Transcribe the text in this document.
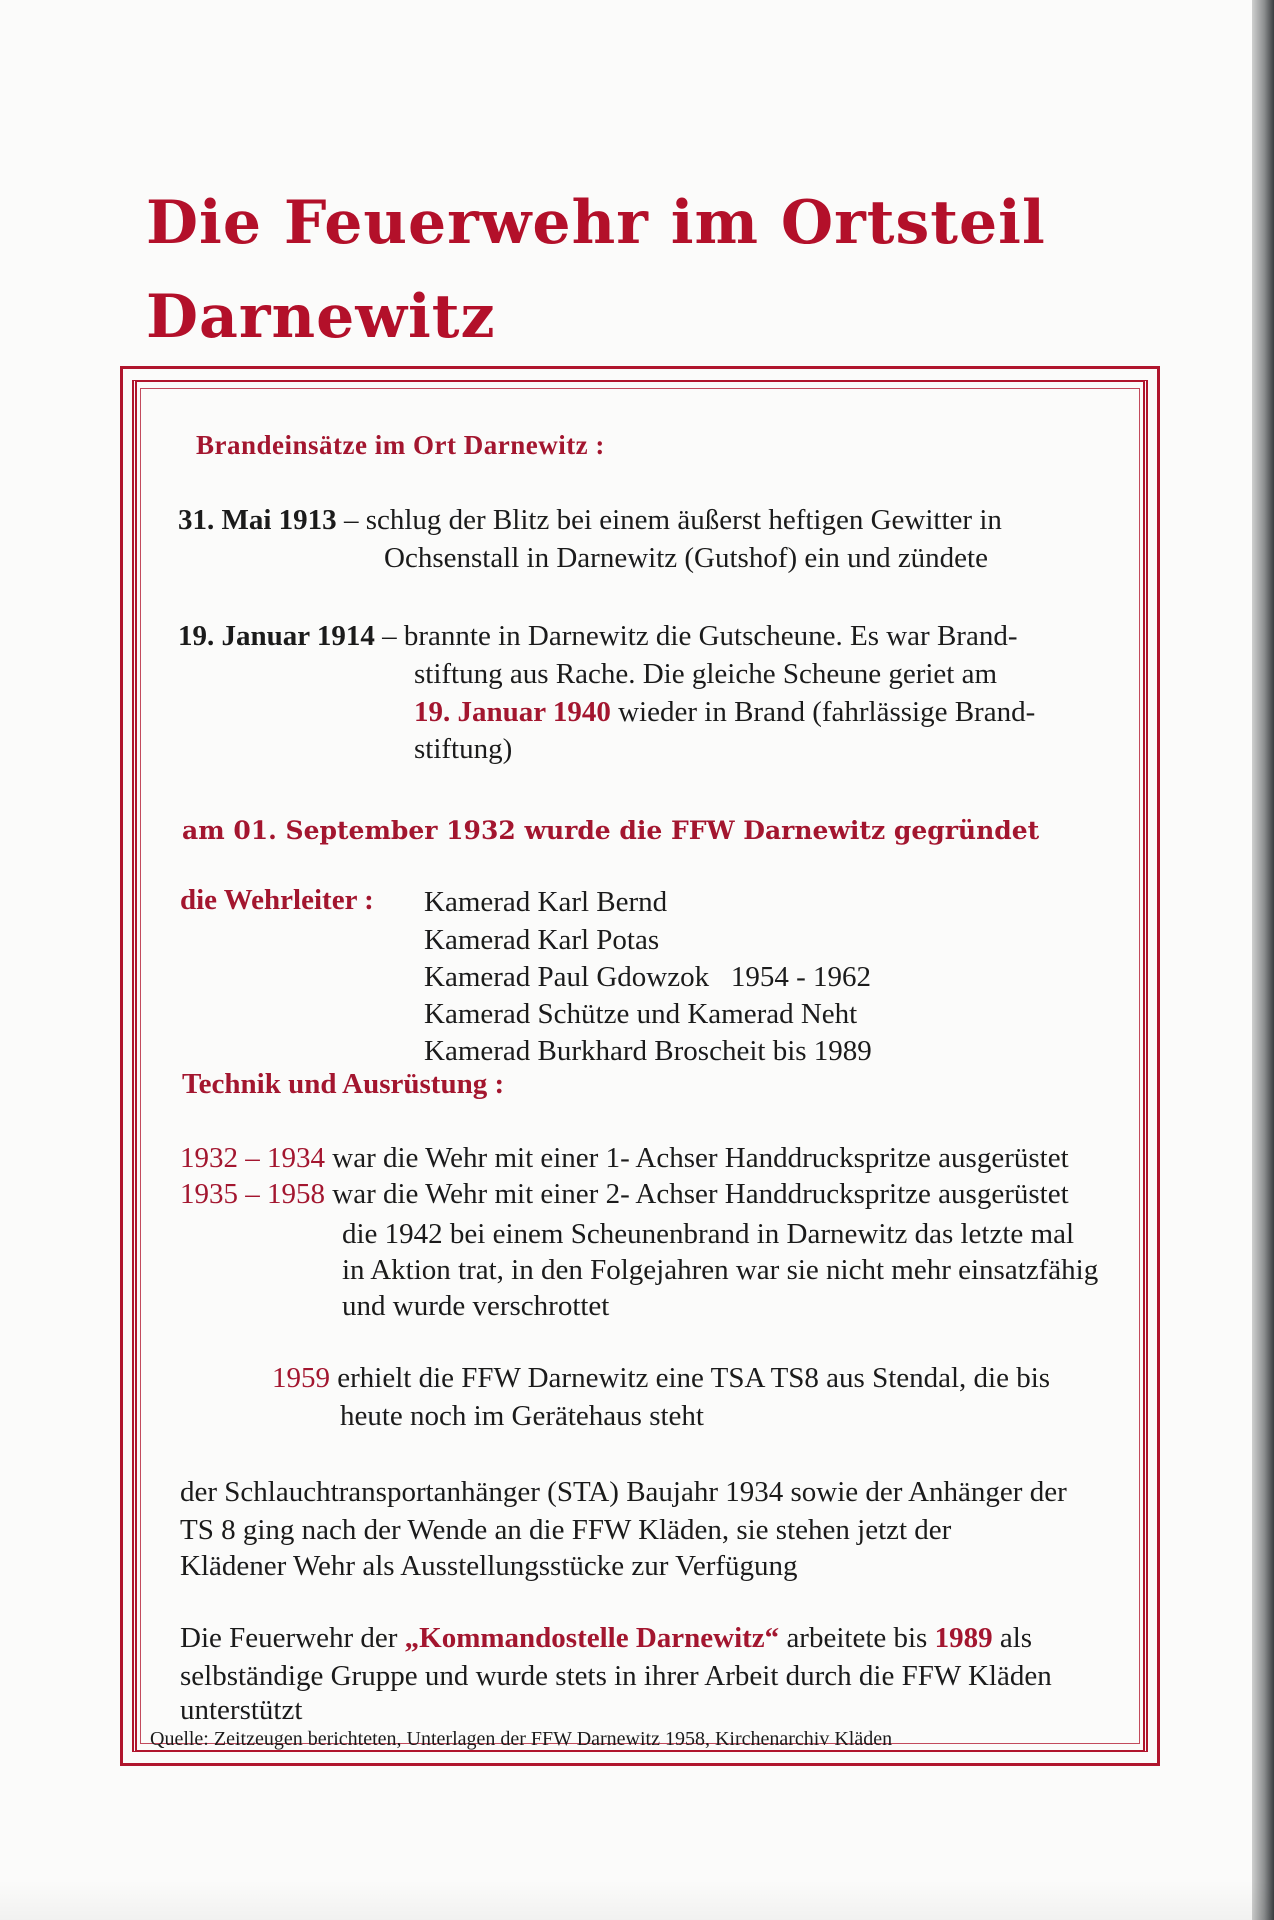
Die Feuerwehr im Ortsteil
Darnewitz
Brandeinsätze im Ort Darnewitz :
31. Mai 1913 – schlug der Blitz bei einem äußerst heftigen Gewitter in
Ochsenstall in Darnewitz (Gutshof) ein und zündete
19. Januar 1914 – brannte in Darnewitz die Gutscheune. Es war Brand-
stiftung aus Rache. Die gleiche Scheune geriet am
19. Januar 1940 wieder in Brand (fahrlässige Brand-
stiftung)
am 01. September 1932 wurde die FFW Darnewitz gegründet
die Wehrleiter : Kamerad Karl Bernd
Kamerad Karl Potas
Kamerad Paul Gdowzok   1954 - 1962
Kamerad Schütze und Kamerad Neht
Kamerad Burkhard Broscheit bis 1989
Technik und Ausrüstung :
1932 – 1934 war die Wehr mit einer 1- Achser Handdruckspritze ausgerüstet
1935 – 1958 war die Wehr mit einer 2- Achser Handdruckspritze ausgerüstet
die 1942 bei einem Scheunenbrand in Darnewitz das letzte mal
in Aktion trat, in den Folgejahren war sie nicht mehr einsatzfähig
und wurde verschrottet
1959 erhielt die FFW Darnewitz eine TSA TS8 aus Stendal, die bis
heute noch im Gerätehaus steht
der Schlauchtransportanhänger (STA) Baujahr 1934 sowie der Anhänger der
TS 8 ging nach der Wende an die FFW Kläden, sie stehen jetzt der
Klädener Wehr als Ausstellungsstücke zur Verfügung
Die Feuerwehr der „Kommandostelle Darnewitz“ arbeitete bis 1989 als
selbständige Gruppe und wurde stets in ihrer Arbeit durch die FFW Kläden
unterstützt
Quelle: Zeitzeugen berichteten, Unterlagen der FFW Darnewitz 1958, Kirchenarchiv Kläden
